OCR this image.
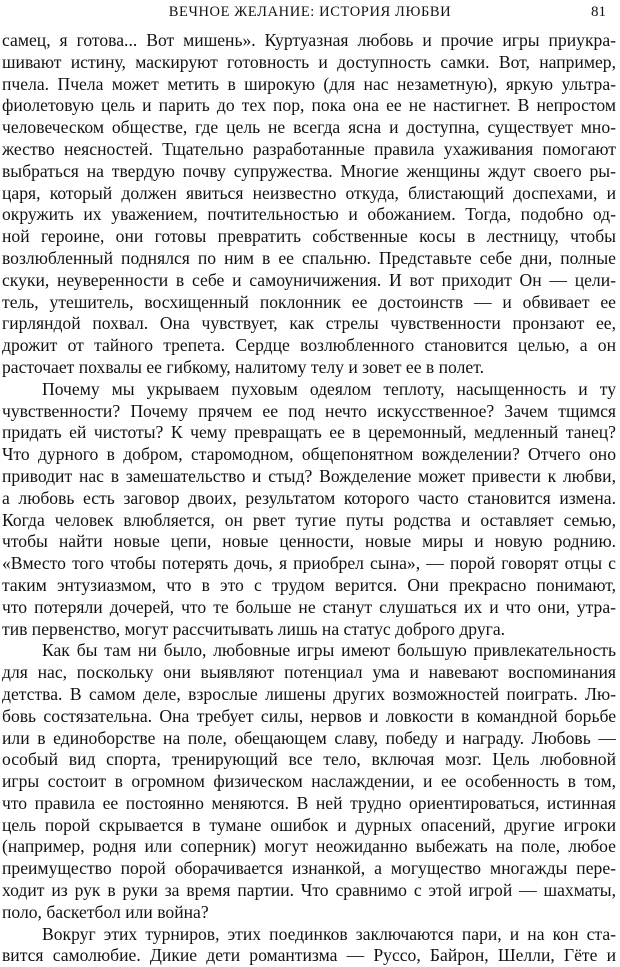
ВЕЧНОЕ ЖЕЛАНИЕ: ИСТОРИЯ ЛЮБВИ	81
самец, я готова... Вот мишень». Куртуазная любовь и прочие игры приукра-
шивают истину, маскируют готовность и доступность самки. Вот, например,
пчела. Пчела может метить в широкую (для нас незаметную), яркую ультра-
фиолетовую цель и парить до тех пор, пока она ее не настигнет. В непростом
человеческом обществе, где цель не всегда ясна и доступна, существует мно-
жество неясностей. Тщательно разработанные правила ухаживания помогают
выбраться на твердую почву супружества. Многие женщины ждут своего ры-
царя, который должен явиться неизвестно откуда, блистающий доспехами, и
окружить их уважением, почтительностью и обожанием. Тогда, подобно од-
ной героине, они готовы превратить собственные косы в лестницу, чтобы
возлюбленный поднялся по ним в ее спальню. Представьте себе дни, полные
скуки, неуверенности в себе и самоуничижения. И вот приходит Он — цели-
тель, утешитель, восхищенный поклонник ее достоинств — и обвивает ее
гирляндой похвал. Она чувствует, как стрелы чувственности пронзают ее,
дрожит от тайного трепета. Сердце возлюбленного становится целью, а он
расточает похвалы ее гибкому, налитому телу и зовет ее в полет.
Почему мы укрываем пуховым одеялом теплоту, насыщенность и ту
чувственности? Почему прячем ее под нечто искусственное? Зачем тщимся
придать ей чистоты? К чему превращать ее в церемонный, медленный танец?
Что дурного в добром, старомодном, общепонятном вожделении? Отчего оно
приводит нас в замешательство и стыд? Вожделение может привести к любви,
а любовь есть заговор двоих, результатом которого часто становится измена.
Когда человек влюбляется, он рвет тугие путы родства и оставляет семью,
чтобы найти новые цепи, новые ценности, новые миры и новую роднию.
«Вместо того чтобы потерять дочь, я приобрел сына», — порой говорят отцы с
таким энтузиазмом, что в это с трудом верится. Они прекрасно понимают,
что потеряли дочерей, что те больше не станут слушаться их и что они, утра-
тив первенство, могут рассчитывать лишь на статус доброго друга.
Как бы там ни было, любовные игры имеют большую привлекательность
для нас, поскольку они выявляют потенциал ума и навевают воспоминания
детства. В самом деле, взрослые лишены других возможностей поиграть. Лю-
бовь состязательна. Она требует силы, нервов и ловкости в командной борьбе
или в единоборстве на поле, обещающем славу, победу и награду. Любовь —
особый вид спорта, тренирующий все тело, включая мозг. Цель любовной
игры состоит в огромном физическом наслаждении, и ее особенность в том,
что правила ее постоянно меняются. В ней трудно ориентироваться, истинная
цель порой скрывается в тумане ошибок и дурных опасений, другие игроки
(например, родня или соперник) могут неожиданно выбежать на поле, любое
преимущество порой оборачивается изнанкой, а могущество многажды пере-
ходит из рук в руки за время партии. Что сравнимо с этой игрой — шахматы,
поло, баскетбол или война?
Вокруг этих турниров, этих поединков заключаются пари, и на кон ста-
вится самолюбие. Дикие дети романтизма — Руссо, Байрон, Шелли, Гёте и
